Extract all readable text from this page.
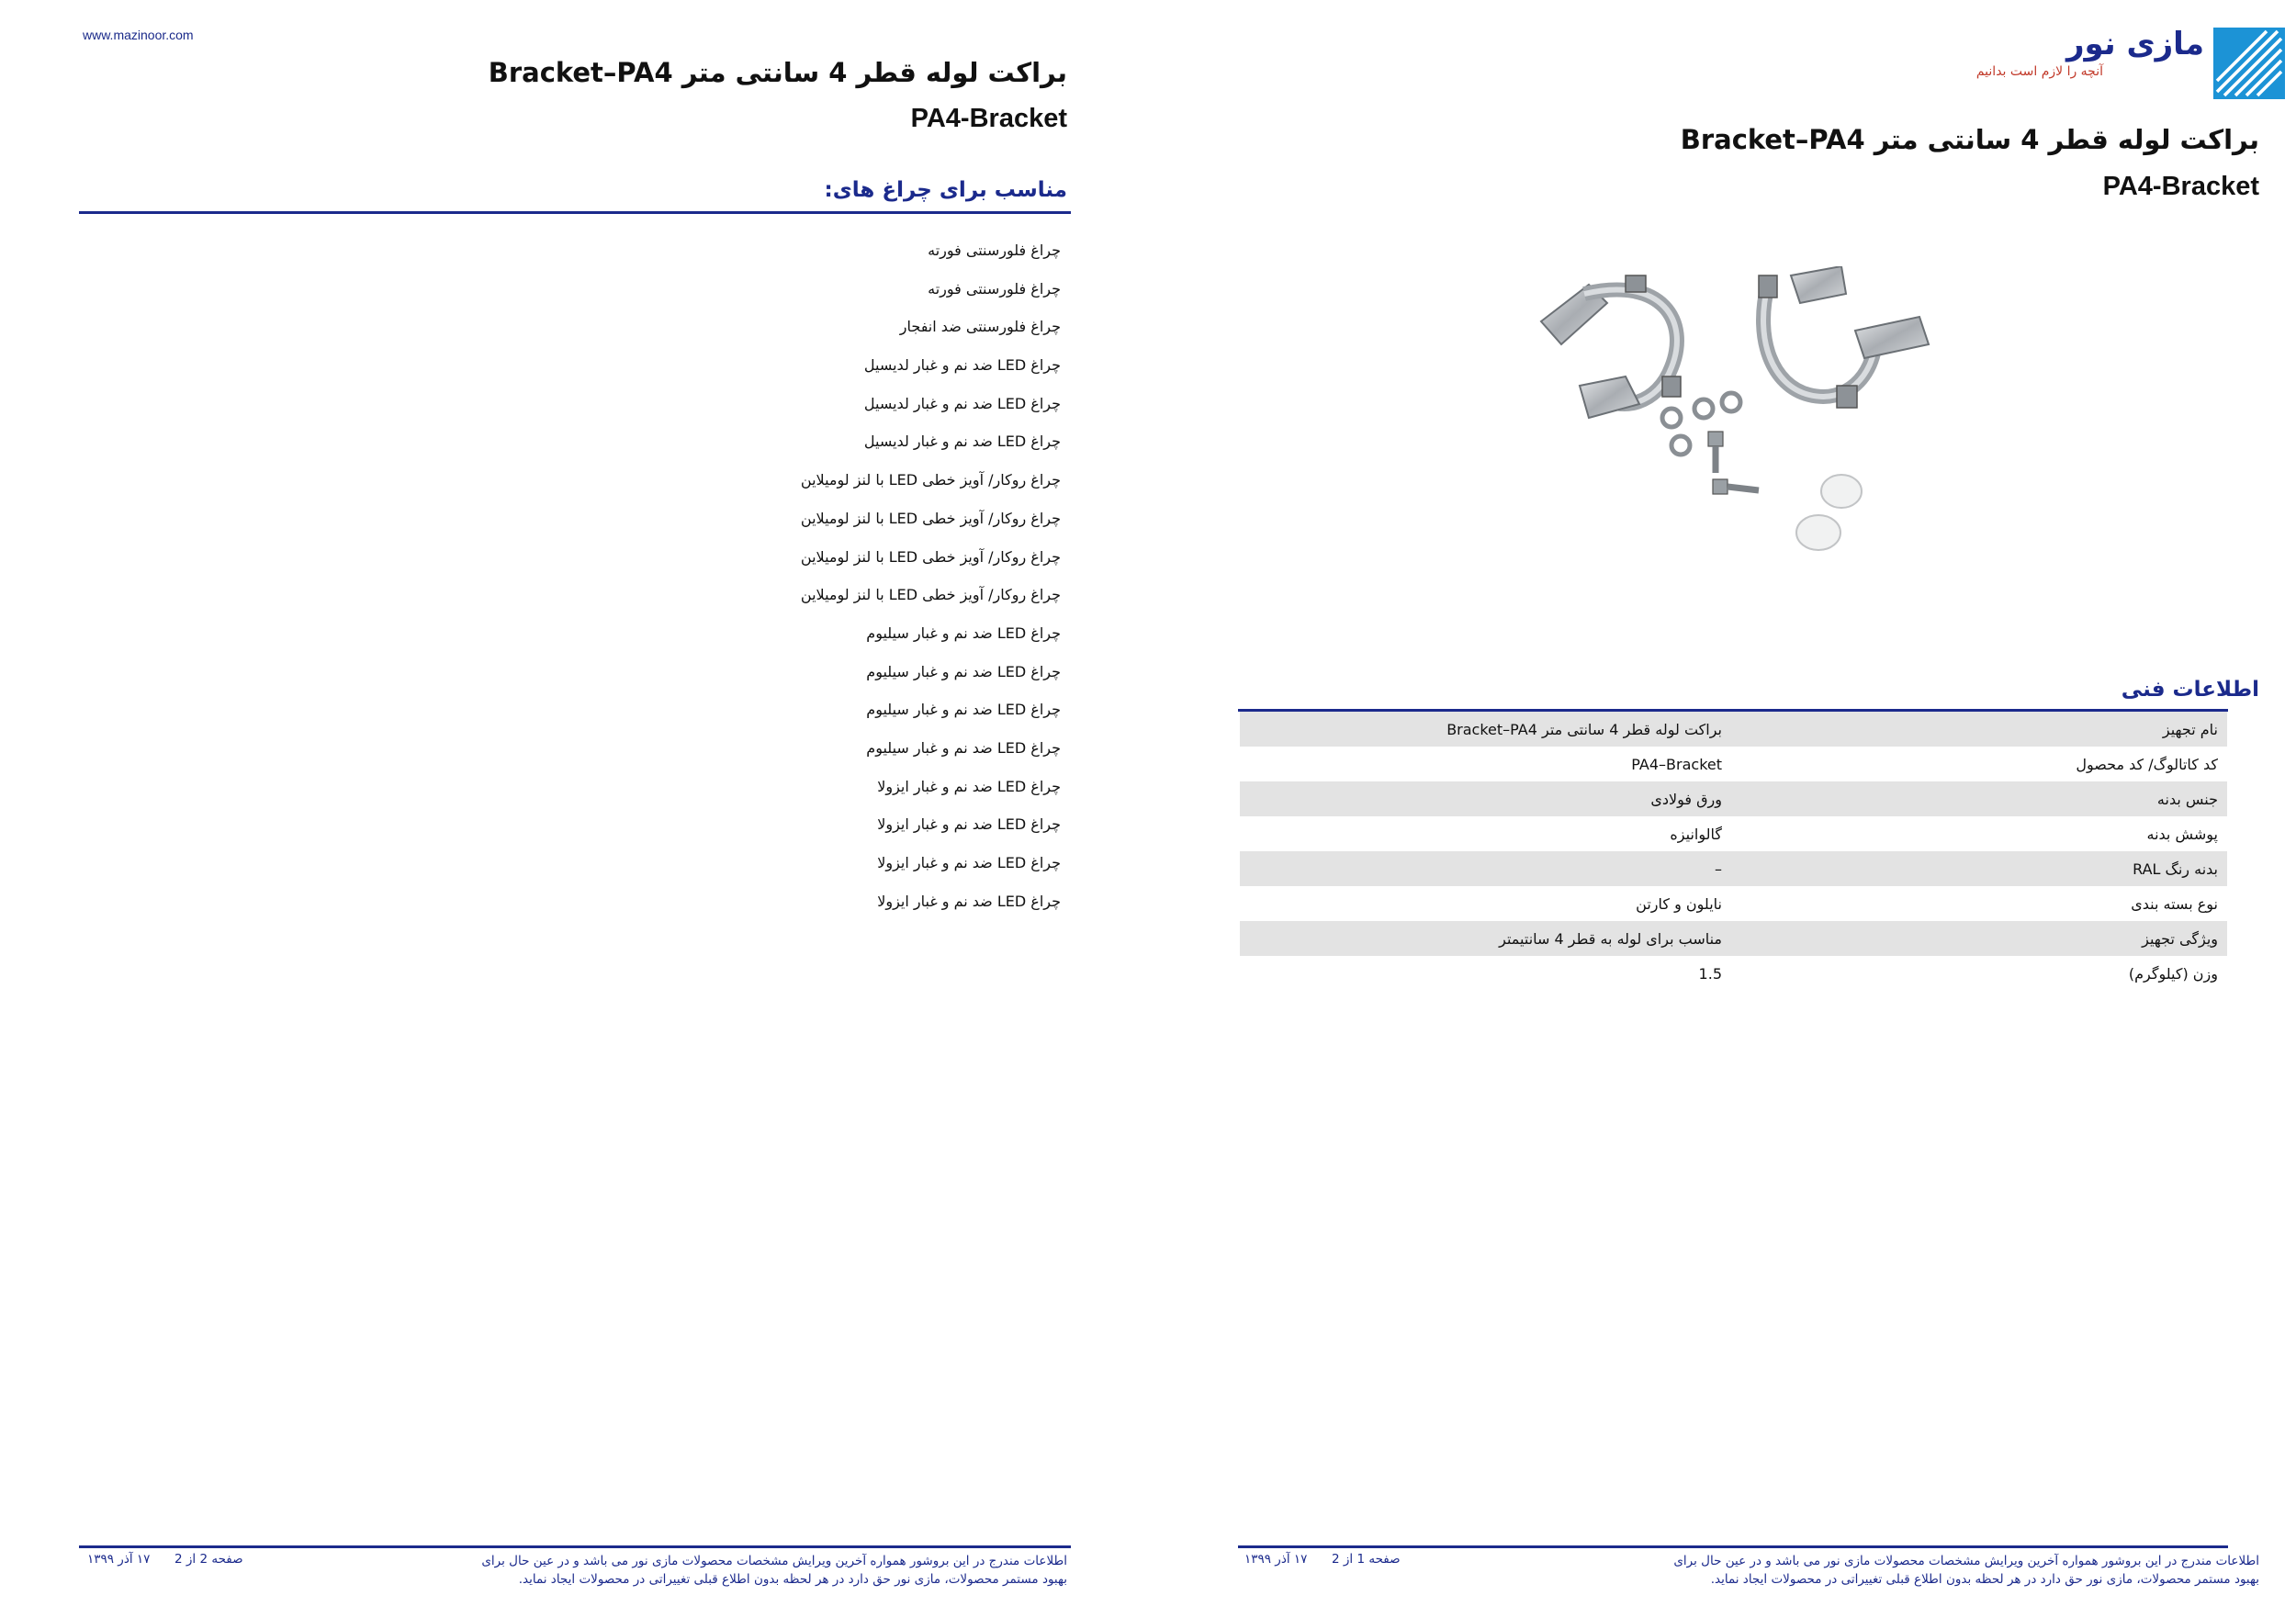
www.mazinoor.com
براکت لوله قطر 4 سانتی متر Bracket–PA4
PA4-Bracket
مناسب برای چراغ های:
چراغ فلورسنتی فورته
چراغ فلورسنتی فورته
چراغ فلورسنتی ضد انفجار
چراغ LED ضد نم و غبار لدیسیل
چراغ LED ضد نم و غبار لدیسیل
چراغ LED ضد نم و غبار لدیسیل
چراغ روکار/ آویز خطی LED با لنز لومیلاین
چراغ روکار/ آویز خطی LED با لنز لومیلاین
چراغ روکار/ آویز خطی LED با لنز لومیلاین
چراغ روکار/ آویز خطی LED با لنز لومیلاین
چراغ LED ضد نم و غبار سیلیوم
چراغ LED ضد نم و غبار سیلیوم
چراغ LED ضد نم و غبار سیلیوم
چراغ LED ضد نم و غبار سیلیوم
چراغ LED ضد نم و غبار ایزولا
چراغ LED ضد نم و غبار ایزولا
چراغ LED ضد نم و غبار ایزولا
چراغ LED ضد نم و غبار ایزولا
اطلاعات مندرج در این بروشور همواره آخرین ویرایش مشخصات محصولات مازی نور می باشد و در عین حال برای بهبود مستمر محصولات، مازی نور حق دارد در هر لحظه بدون اطلاع قبلی تغییراتی در محصولات ایجاد نماید.
صفحه 2 از 2
۱۷ آذر ۱۳۹۹
مازی نور
آنچه را لازم است بدانیم
براکت لوله قطر 4 سانتی متر Bracket–PA4
PA4-Bracket
اطلاعات فنی
نام تجهیز	براکت لوله قطر 4 سانتی متر Bracket–PA4
کد کاتالوگ/ کد محصول	PA4–Bracket
جنس بدنه	ورق فولادی
پوشش بدنه	گالوانیزه
بدنه رنگ RAL	–
نوع بسته بندی	نایلون و کارتن
ویژگی تجهیز	مناسب برای لوله به قطر 4 سانتیمتر
وزن (کیلوگرم)	1.5
اطلاعات مندرج در این بروشور همواره آخرین ویرایش مشخصات محصولات مازی نور می باشد و در عین حال برای بهبود مستمر محصولات، مازی نور حق دارد در هر لحظه بدون اطلاع قبلی تغییراتی در محصولات ایجاد نماید.
صفحه 1 از 2
۱۷ آذر ۱۳۹۹
